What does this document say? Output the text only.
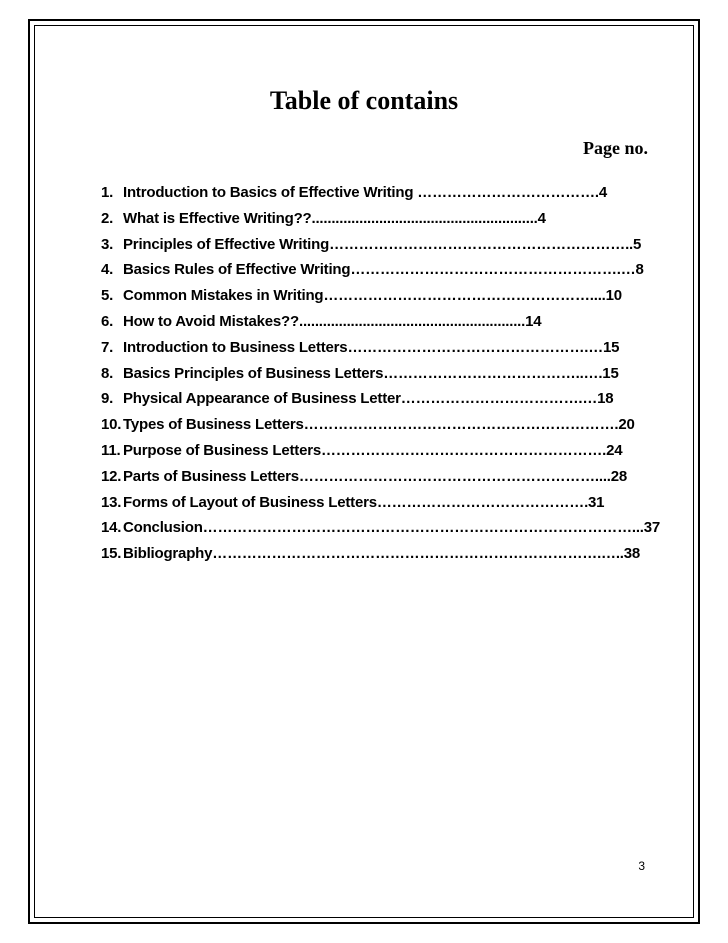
Table of contains
Page no.
1. Introduction to Basics of Effective Writing ……………………………….4
2. What is Effective Writing??.........................................................4
3. Principles of Effective Writing……………………………………………………..5
4. Basics Rules of Effective Writing……………………………………………….…8
5. Common Mistakes in Writing………………………………………………....10
6. How to Avoid Mistakes??.........................................................14
7. Introduction to Business Letters………………………………………….…15
8. Basics Principles of Business Letters…………………………………..….15
9. Physical Appearance of Business Letter……………………………….…18
10. Types of Business Letters……………………………………………………….20
11. Purpose of Business Letters………………………………………………….24
12. Parts of Business Letters……………………………………………………....28
13. Forms of Layout of Business Letters…………………………………….31
14. Conclusion……………………………………………………………………………...37
15. Bibliography…………………………………………………………………….…..38
3
